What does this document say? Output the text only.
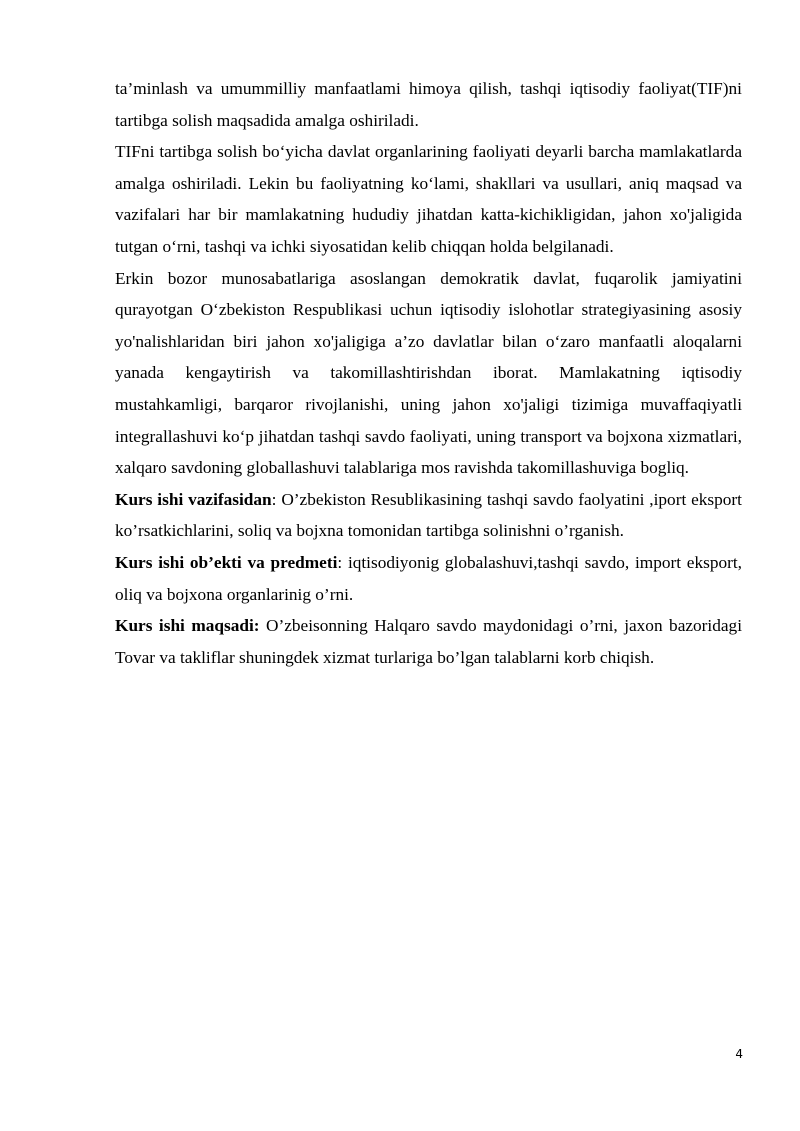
ta’minlash va umummilliy manfaatlami himoya qilish, tashqi iqtisodiy faoliyat(TIF)ni tartibga solish maqsadida amalga oshiriladi.

TIFni tartibga solish bo‘yicha davlat organlarining faoliyati deyarli barcha mamlakatlarda amalga oshiriladi. Lekin bu faoliyatning ko‘lami, shakllari va usullari, aniq maqsad va vazifalari har bir mamlakatning hududiy jihatdan katta-kichikligidan, jahon xo'jaligida tutgan o‘rni, tashqi va ichki siyosatidan kelib chiqqan holda belgilanadi.

Erkin bozor munosabatlariga asoslangan demokratik davlat, fuqarolik jamiyatini qurayotgan O‘zbekiston Respublikasi uchun iqtisodiy islohotlar strategiyasining asosiy yo'nalishlaridan biri jahon xo'jaligiga a’zo davlatlar bilan o‘zaro manfaatli aloqalarni yanada kengaytirish va takomillashtirishdan iborat. Mamlakatning iqtisodiy mustahkamligi, barqaror rivojlanishi, uning jahon xo'jaligi tizimiga muvaffaqiyatli integrallashuvi ko‘p jihatdan tashqi savdo faoliyati, uning transport va bojxona xizmatlari, xalqaro savdoning globallashuvi talablariga mos ravishda takomillashuviga bogliq.

Kurs ishi vazifasidan: O’zbekiston Resublikasining tashqi savdo faolyatini ,iport eksport ko’rsatkichlarini, soliq va bojxna tomonidan tartibga solinishni o’rganish.

Kurs ishi ob’ekti va predmeti: iqtisodiyonig globalashuvi,tashqi savdo, import eksport, oliq va bojxona organlarinig o’rni.

Kurs ishi maqsadi: O’zbeisonning Halqaro savdo maydonidagi o’rni, jaxon bazoridagi Tovar va takliflar shuningdek xizmat turlariga bo’lgan talablarni korb chiqish.

4
